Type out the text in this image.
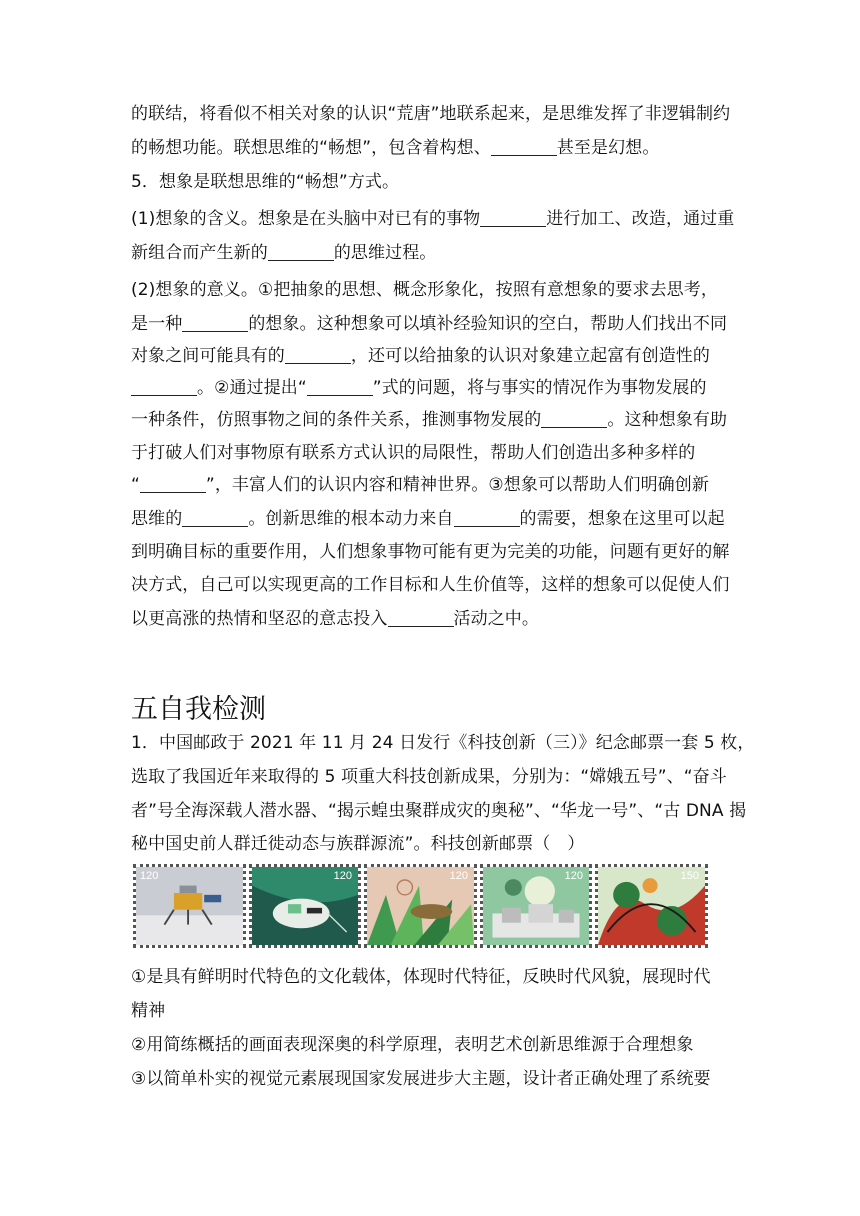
的联结，将看似不相关对象的认识“荒唐”地联系起来，是思维发挥了非逻辑制约

的畅想功能。联想思维的“畅想”，包含着构想、	甚至是幻想。

5．想象是联想思维的“畅想”方式。

(1)想象的含义。想象是在头脑中对已有的事物	进行加工、改造，通过重

新组合而产生新的	的思维过程。

(2)想象的意义。①把抽象的思想、概念形象化，按照有意想象的要求去思考，

是一种	的想象。这种想象可以填补经验知识的空白，帮助人们找出不同

对象之间可能具有的	，还可以给抽象的认识对象建立起富有创造性的

。②通过提出“	”式的问题，将与事实的情况作为事物发展的

一种条件，仿照事物之间的条件关系，推测事物发展的	。这种想象有助

于打破人们对事物原有联系方式认识的局限性，帮助人们创造出多种多样的

“	”，丰富人们的认识内容和精神世界。③想象可以帮助人们明确创新

思维的	。创新思维的根本动力来自	的需要，想象在这里可以起

到明确目标的重要作用，人们想象事物可能有更为完美的功能，问题有更好的解

决方式，自己可以实现更高的工作目标和人生价值等，这样的想象可以促使人们

以更高涨的热情和坚忍的意志投入	活动之中。

五自我检测

1．中国邮政于 2021 年 11 月 24 日发行《科技创新（三）》纪念邮票一套 5 枚，

选取了我国近年来取得的 5 项重大科技创新成果，分别为：“嫦娥五号”、“奋斗

者”号全海深载人潜水器、“揭示蝗虫聚群成灾的奥秘”、“华龙一号”、“古 DNA 揭

秘中国史前人群迁徙动态与族群源流”。科技创新邮票（　）

120	120	120	120	150

①是具有鲜明时代特色的文化载体，体现时代特征，反映时代风貌，展现时代

精神

②用简练概括的画面表现深奥的科学原理，表明艺术创新思维源于合理想象

③以简单朴实的视觉元素展现国家发展进步大主题，设计者正确处理了系统要
